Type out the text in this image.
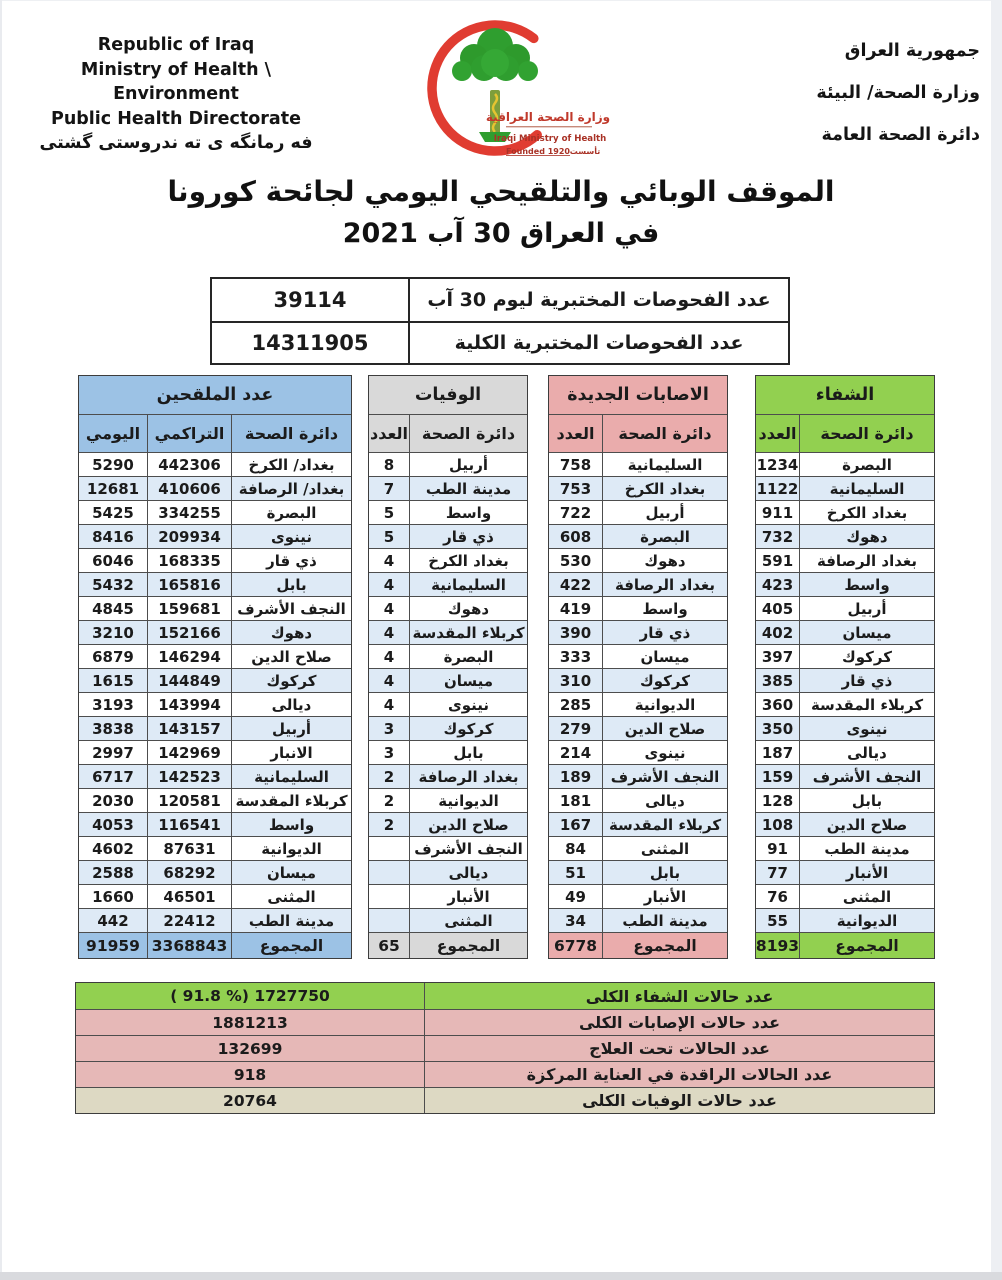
Republic of Iraq
Ministry of Health \ Environment
Public Health Directorate
فه رمانگه ى ته ندروستى گشتى
وزارة الصحة العراقية
Iraqi Ministry of Health
تأسست
Founded 1920
جمهورية العراق
وزارة الصحة/ البيئة
دائرة الصحة العامة
الموقف الوبائي والتلقيحي اليومي لجائحة كورونا
في العراق 30 آب 2021
عدد الفحوصات المختبرية ليوم 30 آب
39114
عدد الفحوصات المختبرية الكلية
14311905
عدد الملقحين
دائرة الصحة
التراكمي
اليومي
بغداد/ الكرخ
442306
5290
بغداد/ الرصافة
410606
12681
البصرة
334255
5425
نينوى
209934
8416
ذي قار
168335
6046
بابل
165816
5432
النجف الأشرف
159681
4845
دهوك
152166
3210
صلاح الدين
146294
6879
كركوك
144849
1615
ديالى
143994
3193
أربيل
143157
3838
الانبار
142969
2997
السليمانية
142523
6717
كربلاء المقدسة
120581
2030
واسط
116541
4053
الديوانية
87631
4602
ميسان
68292
2588
المثنى
46501
1660
مدينة الطب
22412
442
المجموع
3368843
91959
الوفيات
دائرة الصحة
العدد
أربيل
8
مدينة الطب
7
واسط
5
ذي قار
5
بغداد الكرخ
4
السليمانية
4
دهوك
4
كربلاء المقدسة
4
البصرة
4
ميسان
4
نينوى
4
كركوك
3
بابل
3
بغداد الرصافة
2
الديوانية
2
صلاح الدين
2
النجف الأشرف
ديالى
الأنبار
المثنى
المجموع
65
الاصابات الجديدة
دائرة الصحة
العدد
السليمانية
758
بغداد الكرخ
753
أربيل
722
البصرة
608
دهوك
530
بغداد الرصافة
422
واسط
419
ذي قار
390
ميسان
333
كركوك
310
الديوانية
285
صلاح الدين
279
نينوى
214
النجف الأشرف
189
ديالى
181
كربلاء المقدسة
167
المثنى
84
بابل
51
الأنبار
49
مدينة الطب
34
المجموع
6778
الشفاء
دائرة الصحة
العدد
البصرة
1234
السليمانية
1122
بغداد الكرخ
911
دهوك
732
بغداد الرصافة
591
واسط
423
أربيل
405
ميسان
402
كركوك
397
ذي قار
385
كربلاء المقدسة
360
نينوى
350
ديالى
187
النجف الأشرف
159
بابل
128
صلاح الدين
108
مدينة الطب
91
الأنبار
77
المثنى
76
الديوانية
55
المجموع
8193
عدد حالات الشفاء الكلى
( 91.8 %) 1727750
عدد حالات الإصابات الكلى
1881213
عدد الحالات تحت العلاج
132699
عدد الحالات الراقدة في العناية المركزة
918
عدد حالات الوفيات الكلى
20764
